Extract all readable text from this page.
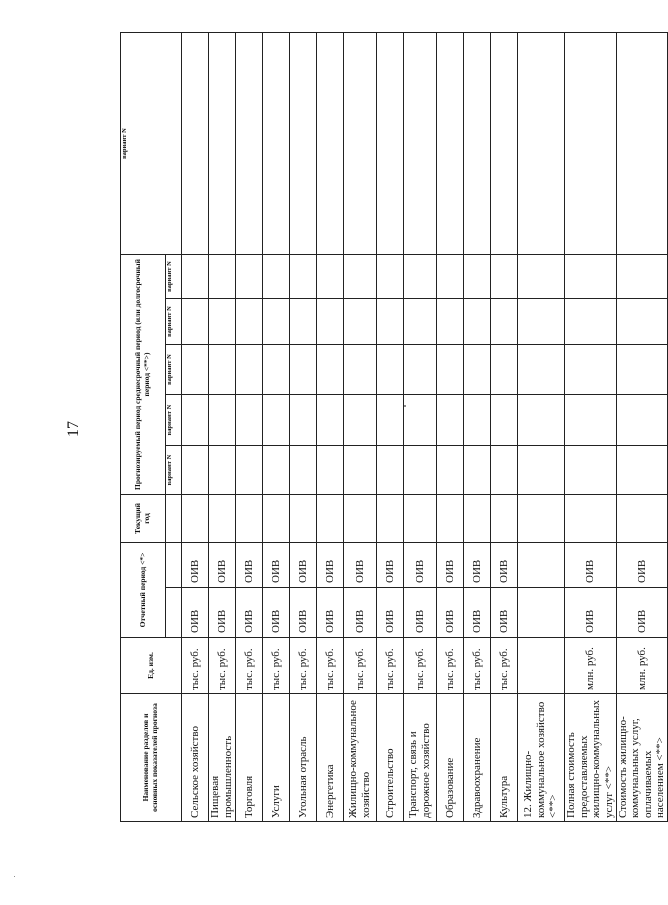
17
Наименование разделов и основных показателей прогноза	Ед. изм.	Отчетный период <*>		Текущий год	Прогнозируемый период среднесрочный период (или долгосрочный период <**>)					вариант N
					вариант N	вариант N	вариант N	вариант N	вариант N	
Сельское хозяйство	тыс. руб.	ОИВ	ОИВ							
Пищевая промышленность	тыс. руб.	ОИВ	ОИВ							
Торговля	тыс. руб.	ОИВ	ОИВ							
Услуги	тыс. руб.	ОИВ	ОИВ							
Угольная отрасль	тыс. руб.	ОИВ	ОИВ							
Энергетика	тыс. руб.	ОИВ	ОИВ							
Жилищно-коммунальное хозяйство	тыс. руб.	ОИВ	ОИВ							
Строительство	тыс. руб.	ОИВ	ОИВ							
Транспорт, связь и дорожное хозяйство	тыс. руб.	ОИВ	ОИВ							
Образование	тыс. руб.	ОИВ	ОИВ							
Здравоохранение	тыс. руб.	ОИВ	ОИВ							
Культура	тыс. руб.	ОИВ	ОИВ							
12. Жилищно-коммунальное хозяйство <**>										
Полная стоимость предоставляемых жилищно-коммунальных услуг <**>	млн. руб.	ОИВ	ОИВ							
Стоимость жилищно-коммунальных услуг, оплачиваемых населением <**>	млн. руб.	ОИВ	ОИВ							
